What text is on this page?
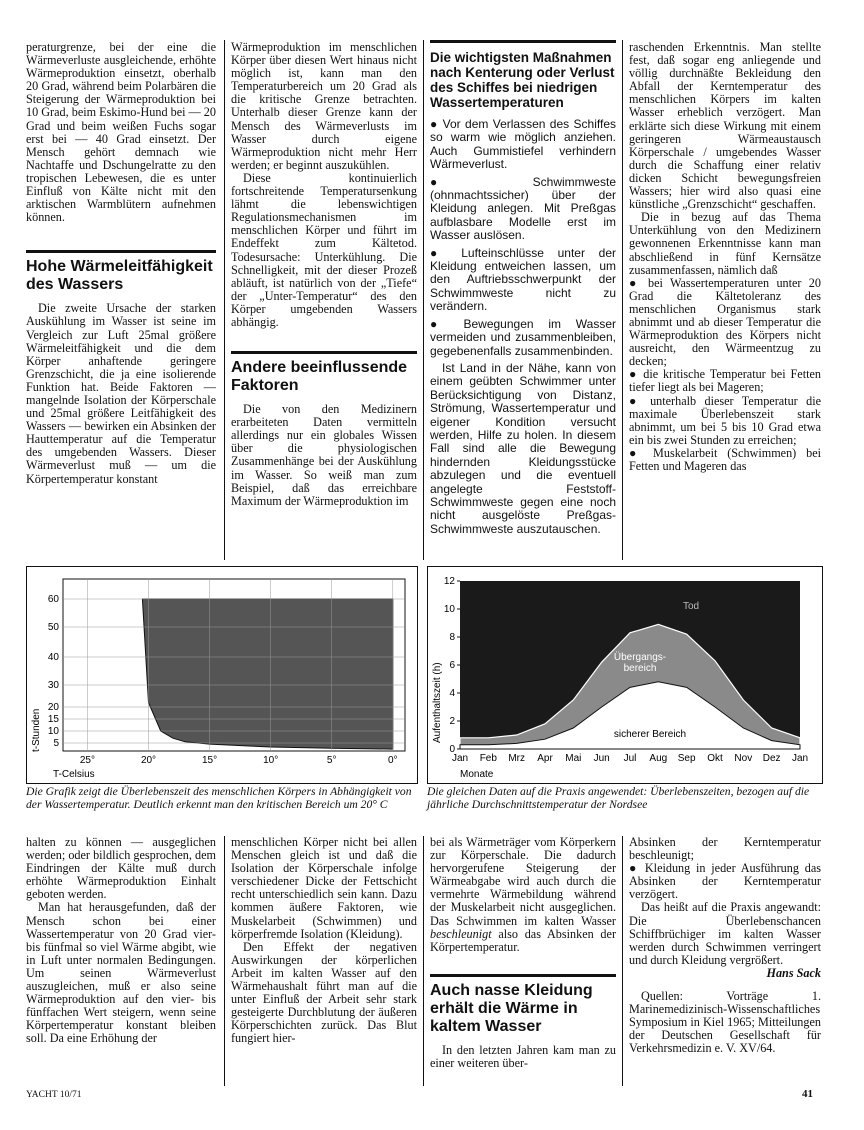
peraturgrenze, bei der eine die Wärmeverluste ausgleichende, erhöhte Wärmeproduktion einsetzt, oberhalb 20 Grad, während beim Polarbären die Steigerung der Wärmeproduktion bei 10 Grad, beim Eskimo-Hund bei — 20 Grad und beim weißen Fuchs sogar erst bei — 40 Grad einsetzt. Der Mensch gehört demnach wie Nachtaffe und Dschungelratte zu den tropischen Lebewesen, die es unter Einfluß von Kälte nicht mit den arktischen Warmblütern aufnehmen können.

Hohe Wärmeleitfähigkeit des Wassers

Die zweite Ursache der starken Auskühlung im Wasser ist seine im Vergleich zur Luft 25mal größere Wärmeleitfähigkeit und die dem Körper anhaftende geringere Grenzschicht, die ja eine isolierende Funktion hat. Beide Faktoren — mangelnde Isolation der Körperschale und 25mal größere Leitfähigkeit des Wassers — bewirken ein Absinken der Hauttemperatur auf die Temperatur des umgebenden Wassers. Dieser Wärmeverlust muß — um die Körpertemperatur konstant

Wärmeproduktion im menschlichen Körper über diesen Wert hinaus nicht möglich ist, kann man den Temperaturbereich um 20 Grad als die kritische Grenze betrachten. Unterhalb dieser Grenze kann der Mensch des Wärmeverlusts im Wasser durch eigene Wärmeproduktion nicht mehr Herr werden; er beginnt auszukühlen.

Diese kontinuierlich fortschreitende Temperatursenkung lähmt die lebenswichtigen Regulationsmechanismen im menschlichen Körper und führt im Endeffekt zum Kältetod. Todesursache: Unterkühlung. Die Schnelligkeit, mit der dieser Prozeß abläuft, ist natürlich von der „Tiefe“ der „Unter-Temperatur“ des den Körper umgebenden Wassers abhängig.

Andere beeinflussende Faktoren

Die von den Medizinern erarbeiteten Daten vermitteln allerdings nur ein globales Wissen über die physiologischen Zusammenhänge bei der Auskühlung im Wasser. So weiß man zum Beispiel, daß das erreichbare Maximum der Wärmeproduktion im

Die wichtigsten Maßnahmen nach Kenterung oder Verlust des Schiffes bei niedrigen Wassertemperaturen

● Vor dem Verlassen des Schiffes so warm wie möglich anziehen. Auch Gummistiefel verhindern Wärmeverlust.

●	Schwimmweste (ohnmachtssicher) über der Kleidung anlegen. Mit Preßgas aufblasbare Modelle erst im Wasser auslösen.

● Lufteinschlüsse unter der Kleidung entweichen lassen, um den Auftriebsschwerpunkt der Schwimmweste nicht zu verändern.

● Bewegungen im Wasser vermeiden und zusammenbleiben, gegebenenfalls zusammenbinden.

Ist Land in der Nähe, kann von einem geübten Schwimmer unter Berücksichtigung von Distanz, Strömung, Wassertemperatur und eigener Kondition versucht werden, Hilfe zu holen. In diesem Fall sind alle die Bewegung hindernden Kleidungsstücke abzulegen und die eventuell angelegte Feststoff-Schwimmweste gegen eine noch nicht ausgelöste Preßgas-Schwimmweste auszutauschen.

raschenden Erkenntnis. Man stellte fest, daß sogar eng anliegende und völlig durchnäßte Bekleidung den Abfall der Kerntemperatur des menschlichen Körpers im kalten Wasser erheblich verzögert. Man erklärte sich diese Wirkung mit einem geringeren Wärmeaustausch Körperschale / umgebendes Wasser durch die Schaffung einer relativ dicken Schicht bewegungsfreien Wassers; hier wird also quasi eine künstliche „Grenzschicht“ geschaffen.

Die in bezug auf das Thema Unterkühlung von den Medizinern gewonnenen Erkenntnisse kann man abschließend in fünf Kernsätze zusammenfassen, nämlich daß

● bei Wassertemperaturen unter 20 Grad die Kältetoleranz des menschlichen Organismus stark abnimmt und ab dieser Temperatur die Wärmeproduktion des Körpers nicht ausreicht, den Wärmeentzug zu decken;

● die kritische Temperatur bei Fetten tiefer liegt als bei Mageren;

● unterhalb dieser Temperatur die maximale Überlebenszeit stark abnimmt, um bei 5 bis 10 Grad etwa ein bis zwei Stunden zu erreichen;

● Muskelarbeit (Schwimmen) bei Fetten und Mageren das

60
50
40
30
20
15
10
5
25°	20°	15°	10°	5°	0°
t-Stunden
T-Celsius
12
10
8
6
4
2
0
Jan Feb Mrz Apr Mai Jun Jul Aug Sep Okt Nov Dez Jan
Tod
Übergangs-
bereich
sicherer Bereich
Aufenthaltszeit (h)
Monate
Die Grafik zeigt die Überlebenszeit des menschlichen Körpers in Abhängigkeit von der Wassertemperatur. Deutlich erkennt man den kritischen Bereich um 20° C
Die gleichen Daten auf die Praxis angewendet: Überlebenszeiten, bezogen auf die jährliche Durchschnittstemperatur der Nordsee

halten zu können — ausgeglichen werden; oder bildlich gesprochen, dem Eindringen der Kälte muß durch erhöhte Wärmeproduktion Einhalt geboten werden.

Man hat herausgefunden, daß der Mensch schon bei einer Wassertemperatur von 20 Grad vier- bis fünfmal so viel Wärme abgibt, wie in Luft unter normalen Bedingungen. Um seinen Wärmeverlust auszugleichen, muß er also seine Wärmeproduktion auf den vier- bis fünffachen Wert steigern, wenn seine Körpertemperatur konstant bleiben soll. Da eine Erhöhung der

menschlichen Körper nicht bei allen Menschen gleich ist und daß die Isolation der Körperschale infolge verschiedener Dicke der Fettschicht recht unterschiedlich sein kann. Dazu kommen äußere Faktoren, wie Muskelarbeit (Schwimmen) und körperfremde Isolation (Kleidung).

Den Effekt der negativen Auswirkungen der körperlichen Arbeit im kalten Wasser auf den Wärmehaushalt führt man auf die unter Einfluß der Arbeit sehr stark gesteigerte Durchblutung der äußeren Körperschichten zurück. Das Blut fungiert hier-

bei als Wärmeträger vom Körperkern zur Körperschale. Die dadurch hervorgerufene Steigerung der Wärmeabgabe wird auch durch die vermehrte Wärmebildung während der Muskelarbeit nicht ausgeglichen. Das Schwimmen im kalten Wasser beschleunigt also das Absinken der Körpertemperatur.

Auch nasse Kleidung erhält die Wärme in kaltem Wasser

In den letzten Jahren kam man zu einer weiteren über-

Absinken der Kerntemperatur beschleunigt;

● Kleidung in jeder Ausführung das Absinken der Kerntemperatur verzögert.

Das heißt auf die Praxis angewandt: Die Überlebenschancen Schiffbrüchiger im kalten Wasser werden durch Schwimmen verringert und durch Kleidung vergrößert.

Hans Sack

Quellen: Vorträge 1. Marinemedizinisch-Wissenschaftliches Symposium in Kiel 1965; Mitteilungen der Deutschen Gesellschaft für Verkehrsmedizin e. V. XV/64.

YACHT 10/71	41
